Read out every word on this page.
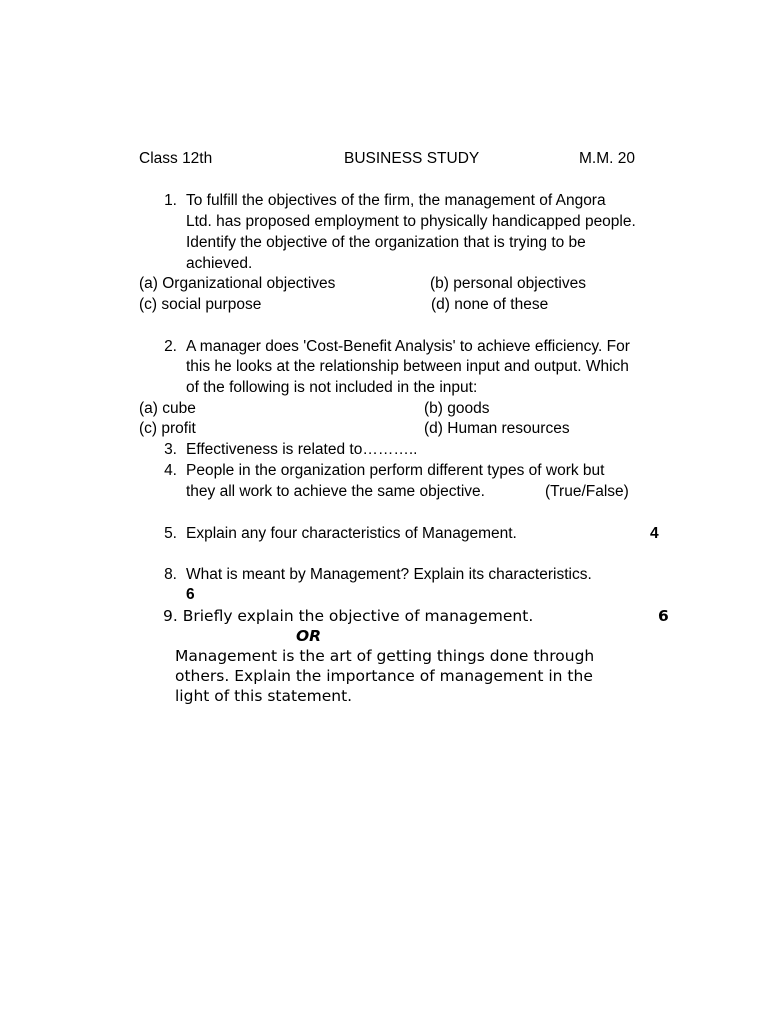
Class 12th	BUSINESS STUDY	M.M. 20
1. To fulfill the objectives of the firm, the management of Angora
Ltd. has proposed employment to physically handicapped people.
Identify the objective of the organization that is trying to be
achieved.
(a) Organizational objectives	(b) personal objectives
(c) social purpose	(d) none of these
2. A manager does 'Cost-Benefit Analysis' to achieve efficiency. For
this he looks at the relationship between input and output. Which
of the following is not included in the input:
(a) cube	(b) goods
(c) profit	(d) Human resources
3. Effectiveness is related to………..
4. People in the organization perform different types of work but
they all work to achieve the same objective.	(True/False)
5. Explain any four characteristics of Management.	4
8. What is meant by Management? Explain its characteristics.
6
9. Briefly explain the objective of management.	6
OR
Management is the art of getting things done through
others. Explain the importance of management in the
light of this statement.
